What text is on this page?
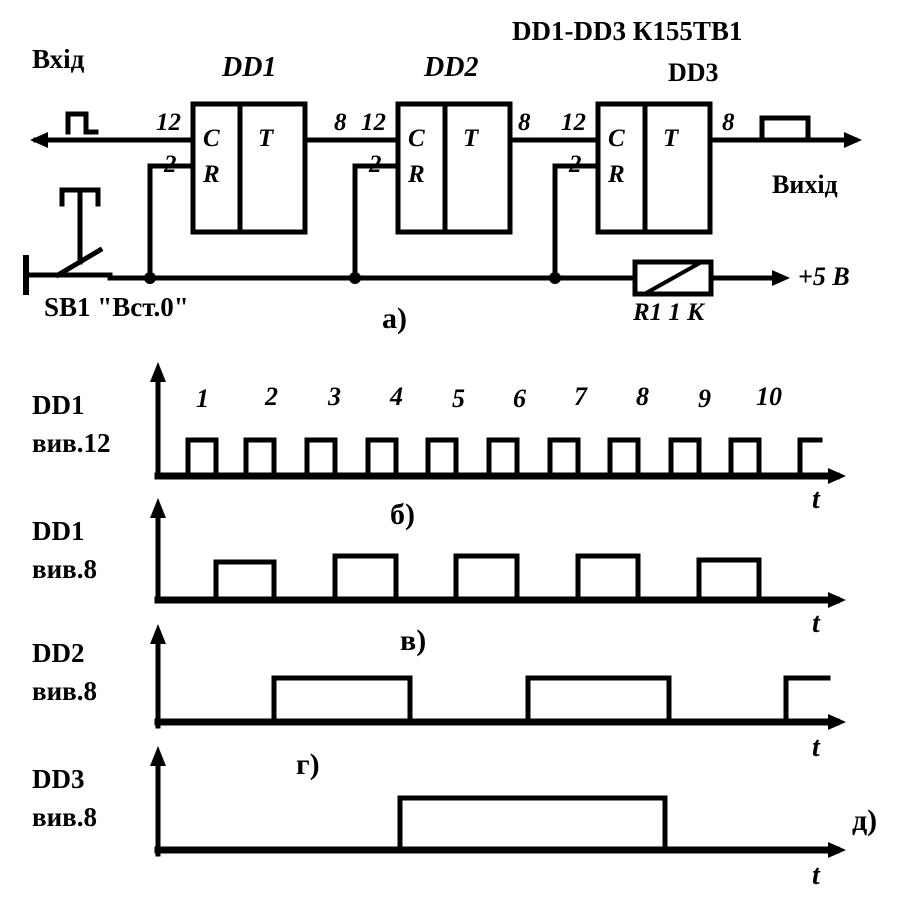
DD1-DD3 К155ТВ1
Вхід
Вихід
DD1	DD2	DD3
12
2
8
C
R
T
12
2
8
C
R
T
12
2
8
C
R
T
SB1 "Вст.0"	R1 1 К
+5 В
а)
1 2 3 4 5 6 7 8 9 10
DD1
вив.12
DD1
вив.8
DD2
вив.8
DD3
вив.8
б)
в)
г)
д)
t
t
t
t
